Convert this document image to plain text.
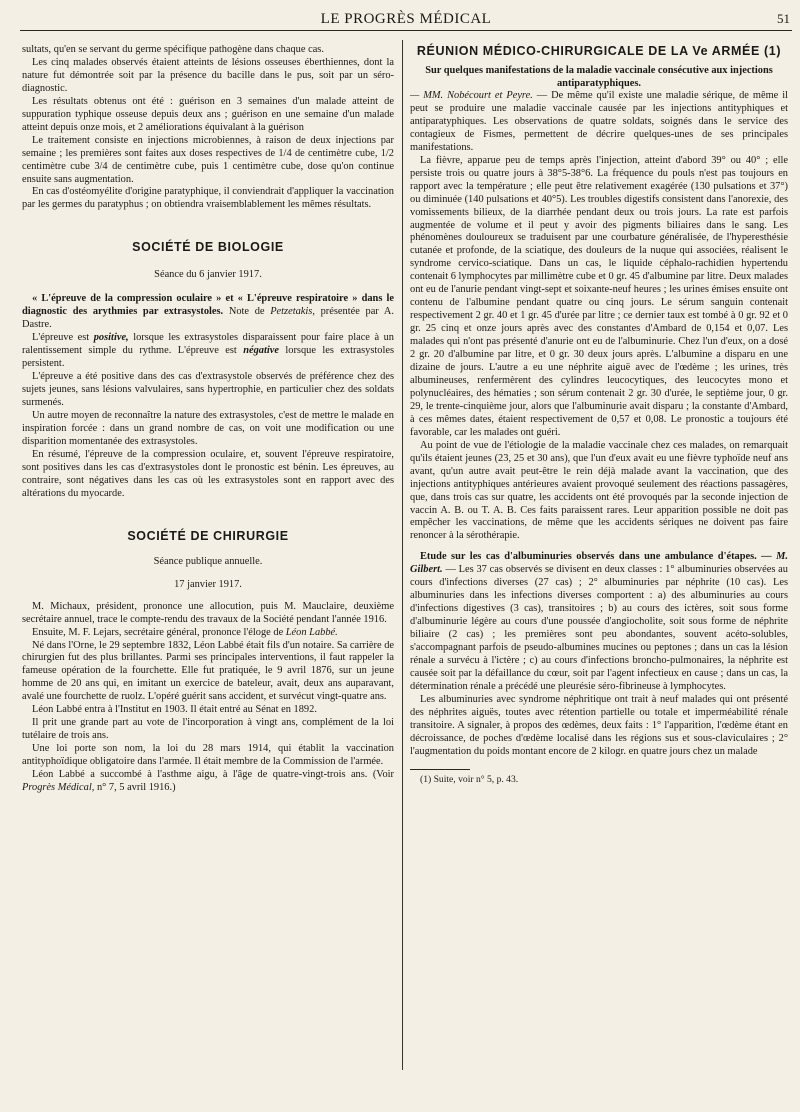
LE PROGRÈS MÉDICAL	51

sultats, qu'en se servant du germe spécifique pathogène dans chaque cas.

Les cinq malades observés étaient atteints de lésions osseuses éberthiennes, dont la nature fut démontrée soit par la présence du bacille dans le pus, soit par un séro-diagnostic.

Les résultats obtenus ont été : guérison en 3 semaines d'un malade atteint de suppuration typhique osseuse depuis deux ans ; guérison en une semaine d'un malade atteint depuis onze mois, et 2 améliorations équivalant à la guérison

Le traitement consiste en injections microbiennes, à raison de deux injections par semaine ; les premières sont faites aux doses respectives de 1/4 de centimètre cube, 1/2 centimètre cube 3/4 de centimètre cube, puis 1 centimètre cube, dose qu'on continue ensuite sans augmentation.

En cas d'ostéomyélite d'origine paratyphique, il conviendrait d'appliquer la vaccination par les germes du paratyphus ; on obtiendra vraisemblablement les mêmes résultats.

SOCIÉTÉ DE BIOLOGIE
Séance du 6 janvier 1917.

« L'épreuve de la compression oculaire » et « L'épreuve respiratoire » dans le diagnostic des arythmies par extrasystoles. Note de Petzetakis, présentée par A. Dastre.

L'épreuve est positive, lorsque les extrasystoles disparaissent pour faire place à un ralentissement simple du rythme. L'épreuve est négative lorsque les extrasystoles persistent.

L'épreuve a été positive dans des cas d'extrasystole observés de préférence chez des sujets jeunes, sans lésions valvulaires, sans hypertrophie, en particulier chez des soldats surmenés.

Un autre moyen de reconnaître la nature des extrasystoles, c'est de mettre le malade en inspiration forcée : dans un grand nombre de cas, on voit une modification ou une disparition momentanée des extrasystoles.

En résumé, l'épreuve de la compression oculaire, et, souvent l'épreuve respiratoire, sont positives dans les cas d'extrasystoles dont le pronostic est bénin. Les épreuves, au contraire, sont négatives dans les cas où les extrasystoles sont en rapport avec des altérations du myocarde.

SOCIÉTÉ DE CHIRURGIE
Séance publique annuelle.
17 janvier 1917.

M. Michaux, président, prononce une allocution, puis M. Mauclaire, deuxième secrétaire annuel, trace le compte-rendu des travaux de la Société pendant l'année 1916.

Ensuite, M. F. Lejars, secrétaire général, prononce l'éloge de Léon Labbé.

Né dans l'Orne, le 29 septembre 1832, Léon Labbé était fils d'un notaire. Sa carrière de chirurgien fut des plus brillantes. Parmi ses principales interventions, il faut rappeler la fameuse opération de la fourchette. Elle fut pratiquée, le 9 avril 1876, sur un jeune homme de 20 ans qui, en imitant un exercice de bateleur, avait, deux ans auparavant, avalé une fourchette de ruolz. L'opéré guérit sans accident, et survécut vingt-quatre ans.

Léon Labbé entra à l'Institut en 1903. Il était entré au Sénat en 1892.

Il prit une grande part au vote de l'incorporation à vingt ans, complément de la loi tutélaire de trois ans.

Une loi porte son nom, la loi du 28 mars 1914, qui établit la vaccination antityphoïdique obligatoire dans l'armée. Il était membre de la Commission de l'armée.

Léon Labbé a succombé à l'asthme aigu, à l'âge de quatre-vingt-trois ans. (Voir Progrès Médical, n° 7, 5 avril 1916.)

RÉUNION MÉDICO-CHIRURGICALE DE LA Ve ARMÉE (1)
Sur quelques manifestations de la maladie vaccinale consécutive aux injections antiparatyphiques.

— MM. Nobécourt et Peyre. — De même qu'il existe une maladie sérique, de même il peut se produire une maladie vaccinale causée par les injections antityphiques et antiparatyphiques. Les observations de quatre soldats, soignés dans le service des contagieux de Fismes, permettent de décrire quelques-unes de ses principales manifestations.

La fièvre, apparue peu de temps après l'injection, atteint d'abord 39° ou 40° ; elle persiste trois ou quatre jours à 38°5-38°6. La fréquence du pouls n'est pas toujours en rapport avec la température ; elle peut être relativement exagérée (130 pulsations et 37°) ou diminuée (140 pulsations et 40°5). Les troubles digestifs consistent dans l'anorexie, des vomissements bilieux, de la diarrhée pendant deux ou trois jours. La rate est parfois augmentée de volume et il peut y avoir des pigments biliaires dans le sang. Les phénomènes douloureux se traduisent par une courbature généralisée, de l'hyperesthésie cutanée et profonde, de la sciatique, des douleurs de la nuque qui associées, réalisent le syndrome cervico-sciatique. Dans un cas, le liquide céphalo-rachidien hypertendu contenait 6 lymphocytes par millimètre cube et 0 gr. 45 d'albumine par litre. Deux malades ont eu de l'anurie pendant vingt-sept et soixante-neuf heures ; les urines émises ensuite ont contenu de l'albumine pendant quatre ou cinq jours. Le sérum sanguin contenait respectivement 2 gr. 40 et 1 gr. 45 d'urée par litre ; ce dernier taux est tombé à 0 gr. 92 et 0 gr. 25 cinq et onze jours après avec des constantes d'Ambard de 0,154 et 0,07. Les malades qui n'ont pas présenté d'anurie ont eu de l'albuminurie. Chez l'un d'eux, on a dosé 2 gr. 20 d'albumine par litre, et 0 gr. 30 deux jours après. L'albumine a disparu en une dizaine de jours. L'autre a eu une néphrite aiguë avec de l'œdème ; les urines, très albumineuses, renfermèrent des cylindres leucocytiques, des leucocytes mono et polynucléaires, des hématies ; son sérum contenait 2 gr. 30 d'urée, le septième jour, 0 gr. 29, le trente-cinquième jour, alors que l'albuminurie avait disparu ; la constante d'Ambard, à ces mêmes dates, étaient respectivement de 0,57 et 0,08. Le pronostic a toujours été favorable, car les malades ont guéri.

Au point de vue de l'étiologie de la maladie vaccinale chez ces malades, on remarquait qu'ils étaient jeunes (23, 25 et 30 ans), que l'un d'eux avait eu une fièvre typhoïde neuf ans avant, qu'un autre avait peut-être le rein déjà malade avant la vaccination, que des injections antityphiques antérieures avaient provoqué seulement des réactions passagères, que, dans trois cas sur quatre, les accidents ont été provoqués par la seconde injection de vaccin A. B. ou T. A. B. Ces faits paraissent rares. Leur apparition possible ne doit pas empêcher les vaccinations, de même que les accidents sériques ne doivent pas faire renoncer à la sérothérapie.

Etude sur les cas d'albuminuries observés dans une ambulance d'étapes. — M. Gilbert. — Les 37 cas observés se divisent en deux classes : 1° albuminuries observées au cours d'infections diverses (27 cas) ; 2° albuminuries par néphrite (10 cas). Les albuminuries dans les infections diverses comportent : a) des albuminuries au cours d'infections digestives (3 cas), transitoires ; b) au cours des ictères, soit sous forme d'albuminurie légère au cours d'une poussée d'angiocholite, soit sous forme de néphrite biliaire (2 cas) ; les premières sont peu abondantes, souvent acéto-solubles, s'accompagnant parfois de pseudo-albumines mucines ou peptones ; dans un cas la lésion rénale a survécu à l'ictère ; c) au cours d'infections broncho-pulmonaires, la néphrite est causée soit par la défaillance du cœur, soit par l'agent infectieux en cause ; dans un cas, la détermination rénale a précédé une pleurésie séro-fibrineuse à lymphocytes.

Les albuminuries avec syndrome néphritique ont trait à neuf malades qui ont présenté des néphrites aiguës, toutes avec rétention partielle ou totale et imperméabilité rénale transitoire. A signaler, à propos des œdèmes, deux faits : 1° l'apparition, l'œdème étant en décroissance, de poches d'œdème localisé dans les régions sus et sous-claviculaires ; 2° l'augmentation du poids montant encore de 2 kilogr. en quatre jours chez un malade

(1) Suite, voir n° 5, p. 43.
